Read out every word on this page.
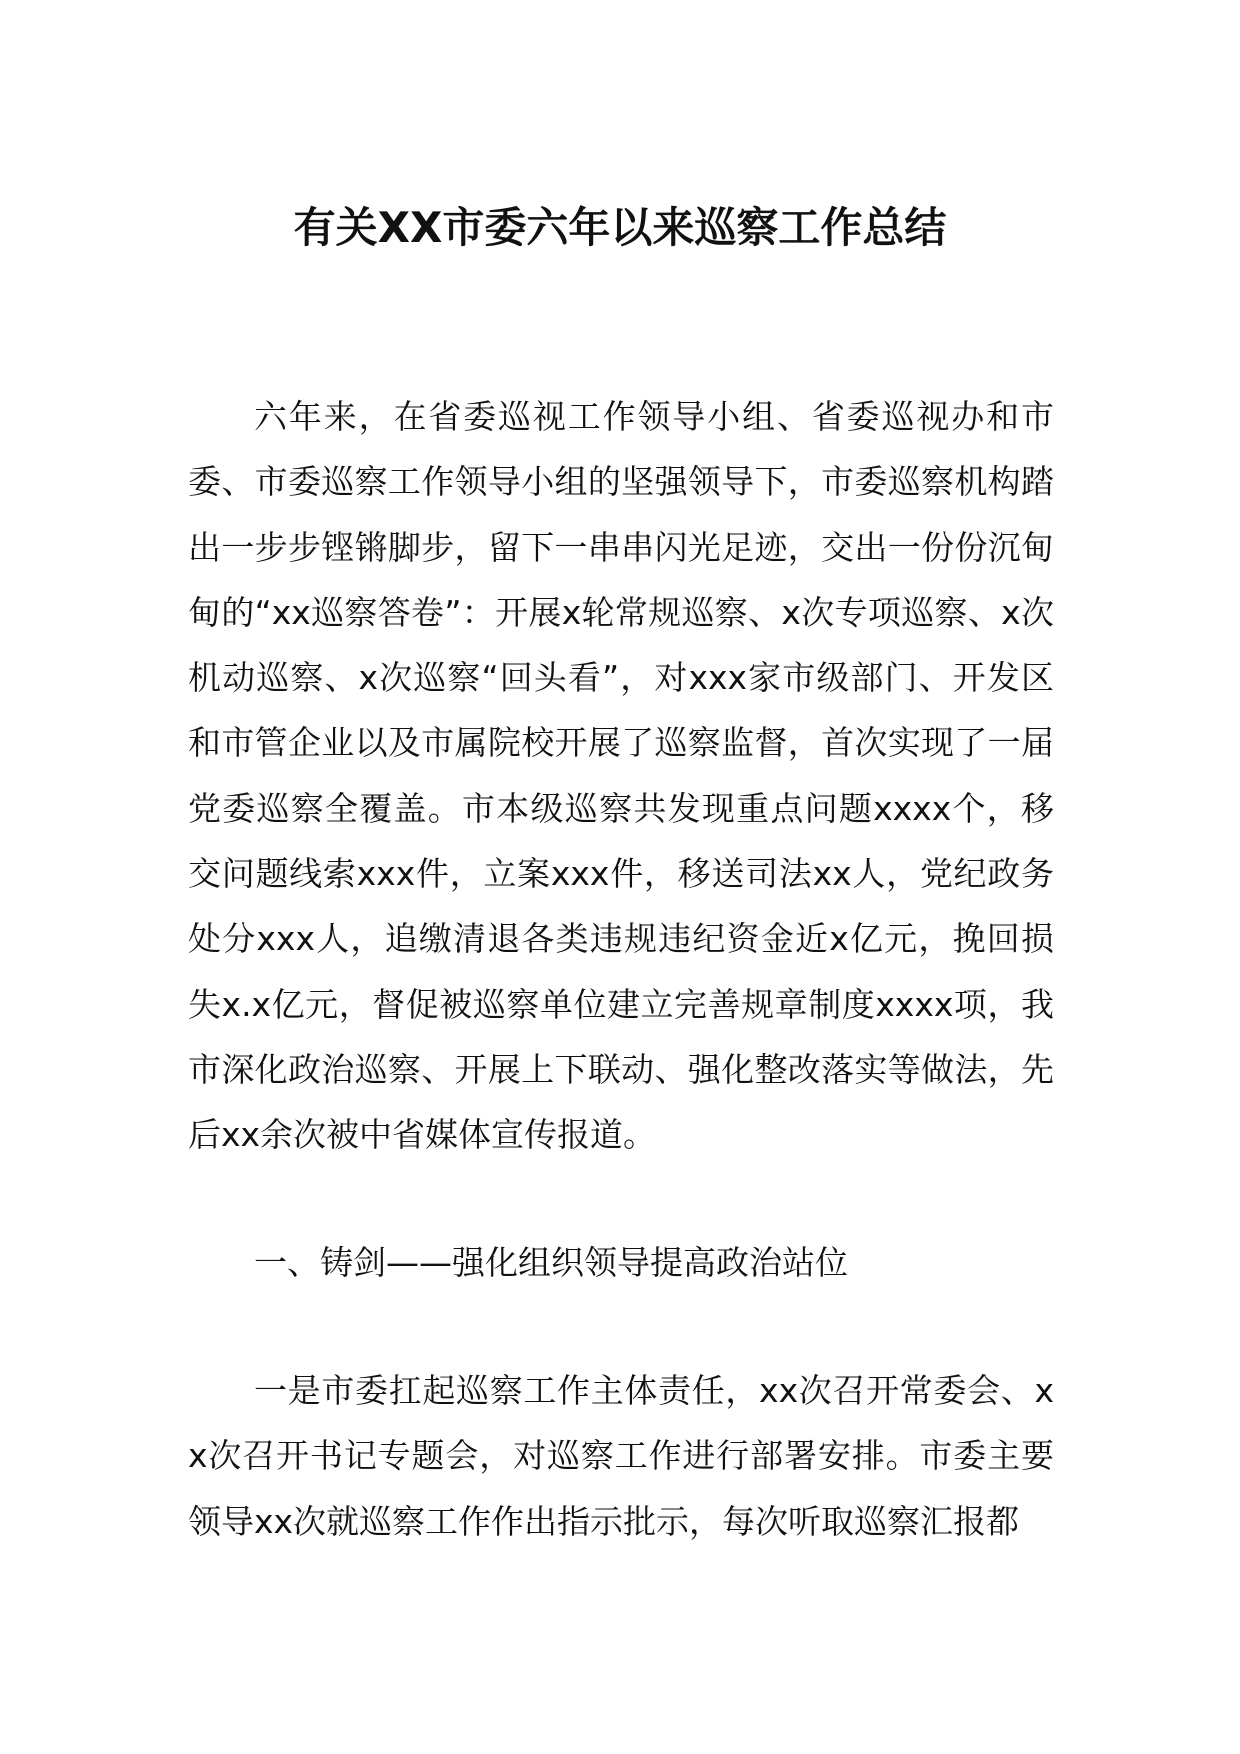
有关XX市委六年以来巡察工作总结

六年来，在省委巡视工作领导小组、省委巡视办和市委、市委巡察工作领导小组的坚强领导下，市委巡察机构踏出一步步铿锵脚步，留下一串串闪光足迹，交出一份份沉甸甸的“xx巡察答卷”：开展x轮常规巡察、x次专项巡察、x次机动巡察、x次巡察“回头看”，对xxx家市级部门、开发区和市管企业以及市属院校开展了巡察监督，首次实现了一届党委巡察全覆盖。市本级巡察共发现重点问题xxxx个，移交问题线索xxx件，立案xxx件，移送司法xx人，党纪政务处分xxx人，追缴清退各类违规违纪资金近x亿元，挽回损失x.x亿元，督促被巡察单位建立完善规章制度xxxx项，我市深化政治巡察、开展上下联动、强化整改落实等做法，先后xx余次被中省媒体宣传报道。

一、铸剑——强化组织领导提高政治站位

一是市委扛起巡察工作主体责任，xx次召开常委会、xx次召开书记专题会，对巡察工作进行部署安排。市委主要领导xx次就巡察工作作出指示批示，每次听取巡察汇报都
